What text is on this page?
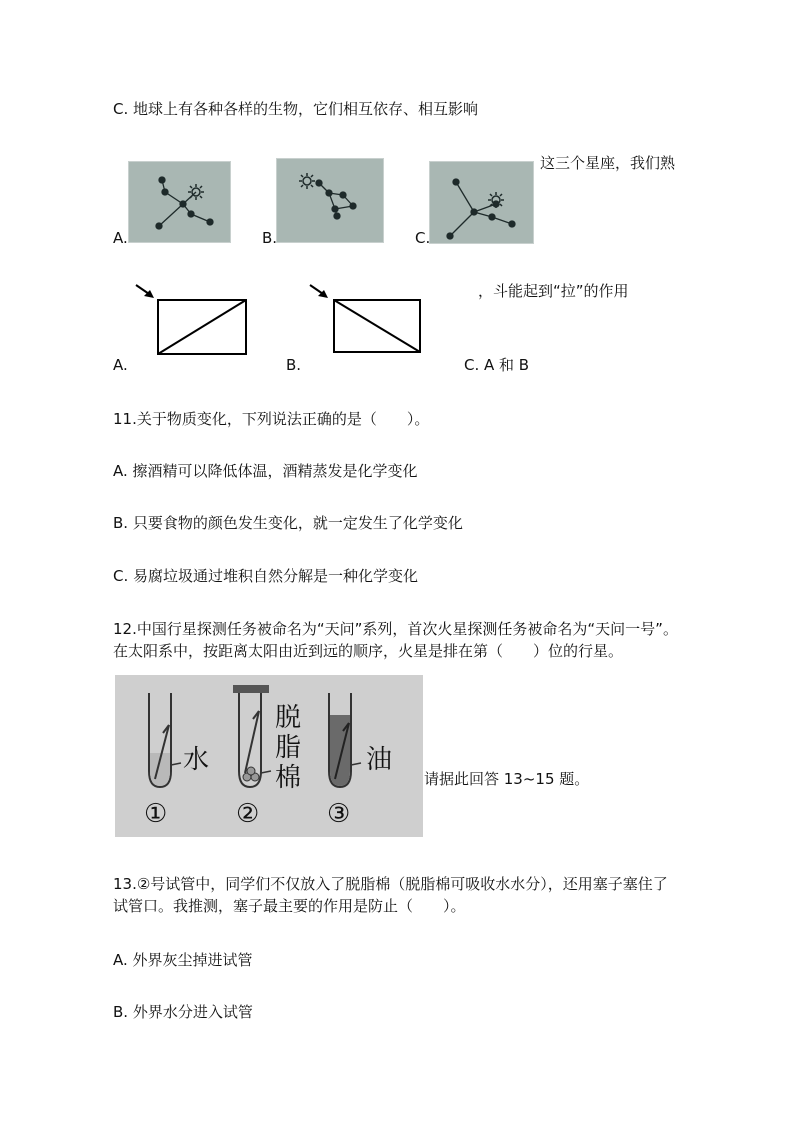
C. 地球上有各种各样的生物，它们相互依存、相互影响
这三个星座，我们熟
A.	B.	C.
，斗能起到“拉”的作用
A.	B.	C. A 和 B
11.关于物质变化，下列说法正确的是（　　）。
A. 擦酒精可以降低体温，酒精蒸发是化学变化
B. 只要食物的颜色发生变化，就一定发生了化学变化
C. 易腐垃圾通过堆积自然分解是一种化学变化
12.中国行星探测任务被命名为“天问”系列，首次火星探测任务被命名为“天问一号”。在太阳系中，按距离太阳由近到远的顺序，火星是排在第（　　）位的行星。
水
脱
脂
棉
油
①	②	③
请据此回答 13~15 题。
13.②号试管中，同学们不仅放入了脱脂棉（脱脂棉可吸收水水分），还用塞子塞住了试管口。我推测，塞子最主要的作用是防止（　　）。
A. 外界灰尘掉进试管
B. 外界水分进入试管
